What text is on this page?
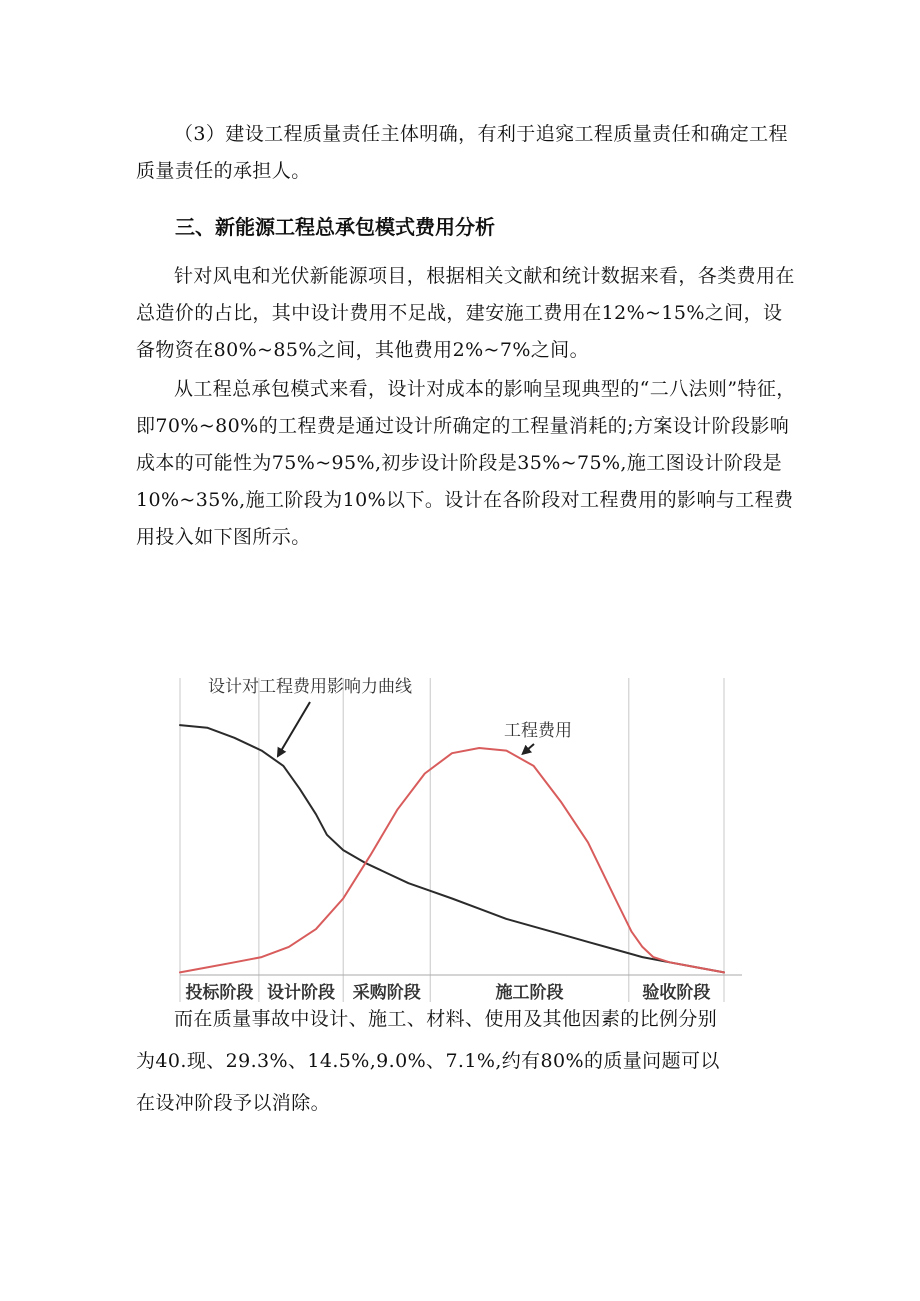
（3）建设工程质量责任主体明确，有利于追窕工程质量责任和确定工程质量责任的承担人。

三、新能源工程总承包模式费用分析

针对风电和光伏新能源项目，根据相关文献和统计数据来看，各类费用在总造价的占比，其中设计费用不足战，建安施工费用在12%~15%之间，设备物资在80%~85%之间，其他费用2%~7%之间。

从工程总承包模式来看，设计对成本的影响呈现典型的“二八法则”特征，即70%~80%的工程费是通过设计所确定的工程量消耗的;方案设计阶段影响成本的可能性为75%~95%,初步设计阶段是35%~75%,施工图设计阶段是10%~35%,施工阶段为10%以下。设计在各阶段对工程费用的影响与工程费用投入如下图所示。

设计对工程费用影响力曲线
工程费用
投标阶段 设计阶段 采购阶段	施工阶段	验收阶段

而在质量事故中设计、施工、材料、使用及其他因素的比例分别为40.现、29.3%、14.5%,9.0%、7.1%,约有80%的质量问题可以在设冲阶段予以消除。
